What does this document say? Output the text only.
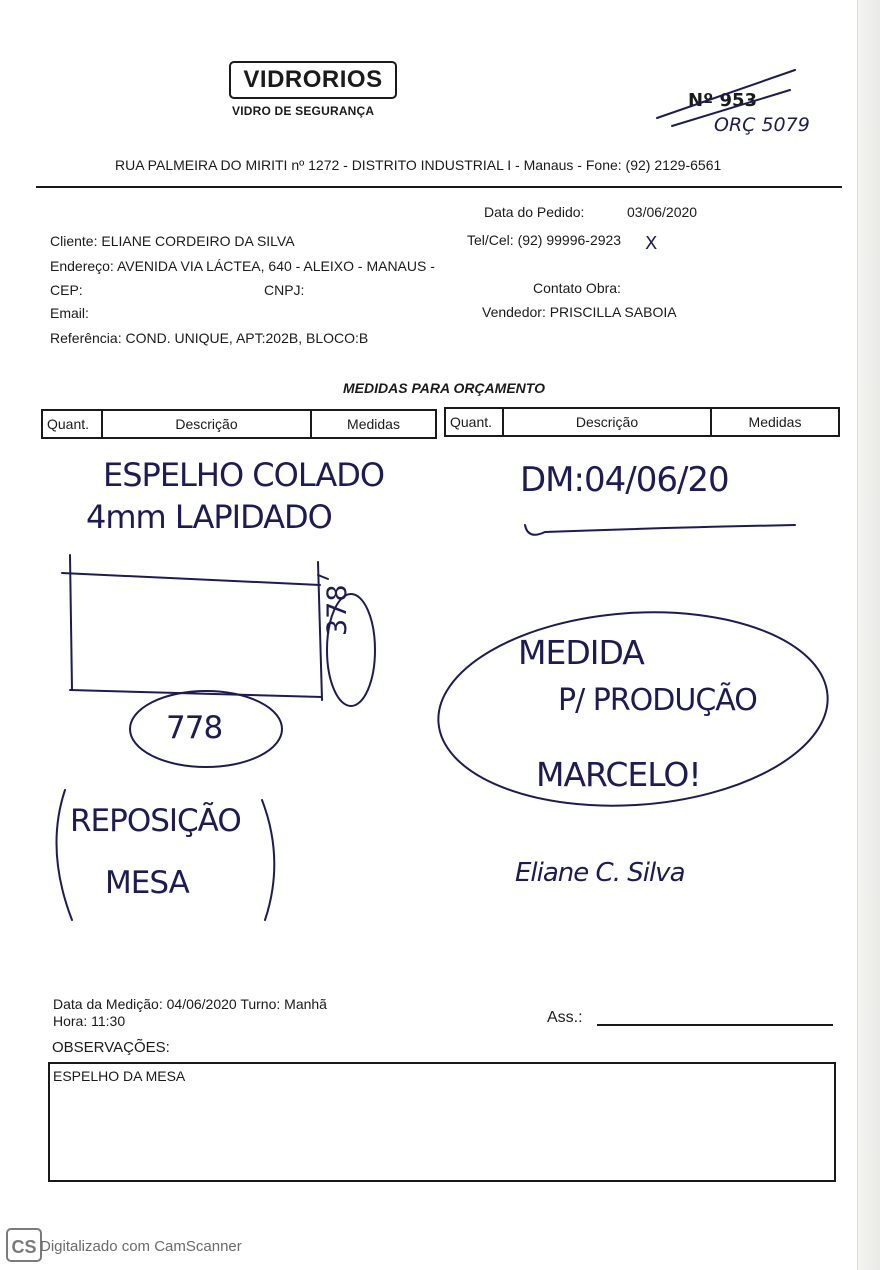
VIDRORIOS
VIDRO DE SEGURANÇA	Nº 953
ORÇ 5079
RUA PALMEIRA DO MIRITI nº 1272 - DISTRITO INDUSTRIAL I - Manaus - Fone: (92) 2129-6561
Data do Pedido:	03/06/2020
Cliente: ELIANE CORDEIRO DA SILVA	Tel/Cel: (92) 99996-2923 X
Endereço: AVENIDA VIA LÁCTEA, 640 - ALEIXO - MANAUS -
CEP:	CNPJ:	Contato Obra:
Email:	Vendedor: PRISCILLA SABOIA
Referência: COND. UNIQUE, APT:202B, BLOCO:B
MEDIDAS PARA ORÇAMENTO
Quant.	Descrição	Medidas	Quant.	Descrição	Medidas
ESPELHO COLADO
4mm LAPIDADO
378
778
REPOSIÇÃO
MESA
DM:04/06/20
MEDIDA
P/ PRODUÇÃO
MARCELO!
Eliane C. Silva
Data da Medição: 04/06/2020 Turno: Manhã
Hora: 11:30	Ass.:
OBSERVAÇÕES:
ESPELHO DA MESA
CS Digitalizado com CamScanner
